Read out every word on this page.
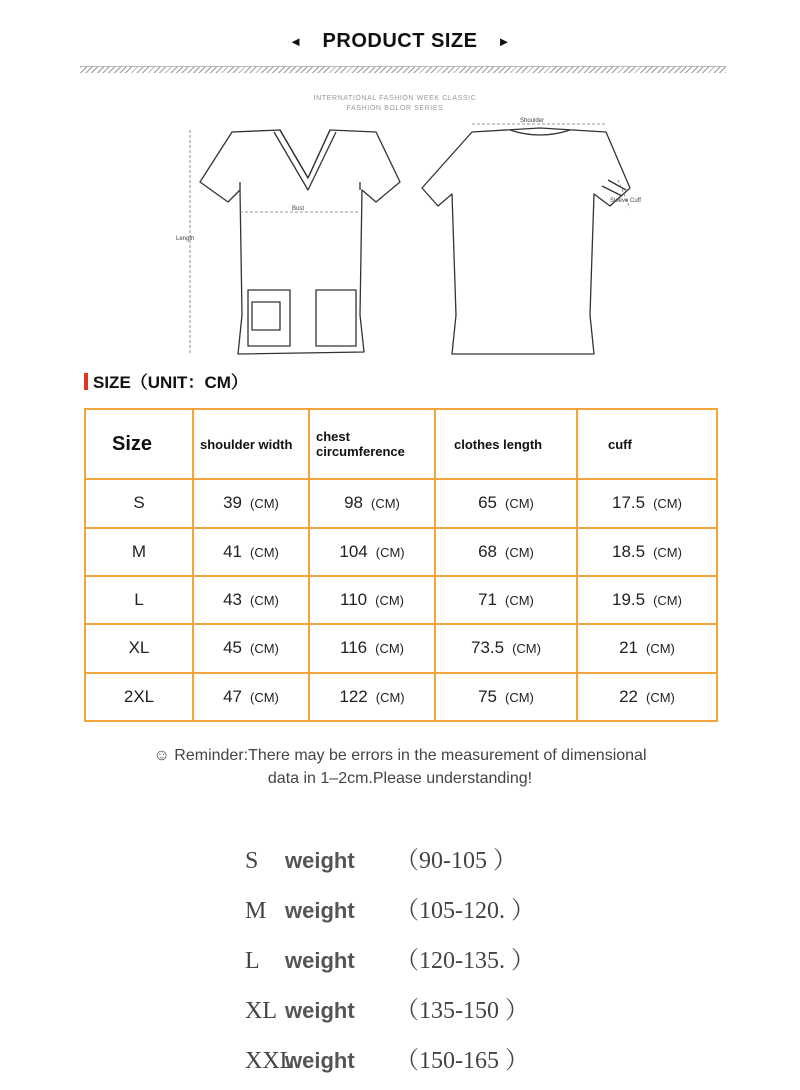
◄ PRODUCT SIZE ►
INTERNATIONAL FASHION WEEK CLASSIC
FASHION BOLOR SERIES
Length
Bust
Shoulder
Sleeve Cuff
SIZE（UNIT：CM）
Size	shoulder width	chest circumference	clothes length	cuff
S	39 (CM)	98 (CM)	65 (CM)	17.5 (CM)
M	41 (CM)	104 (CM)	68 (CM)	18.5 (CM)
L	43 (CM)	110 (CM)	71 (CM)	19.5 (CM)
XL	45 (CM)	116 (CM)	73.5 (CM)	21 (CM)
2XL	47 (CM)	122 (CM)	75 (CM)	22 (CM)
☺ Reminder:There may be errors in the measurement of dimensional
data in 1–2cm.Please understanding!
S weight （90-105 ）
M weight （105-120. ）
L weight （120-135. ）
XL weight （135-150 ）
XXLweight （150-165 ）
